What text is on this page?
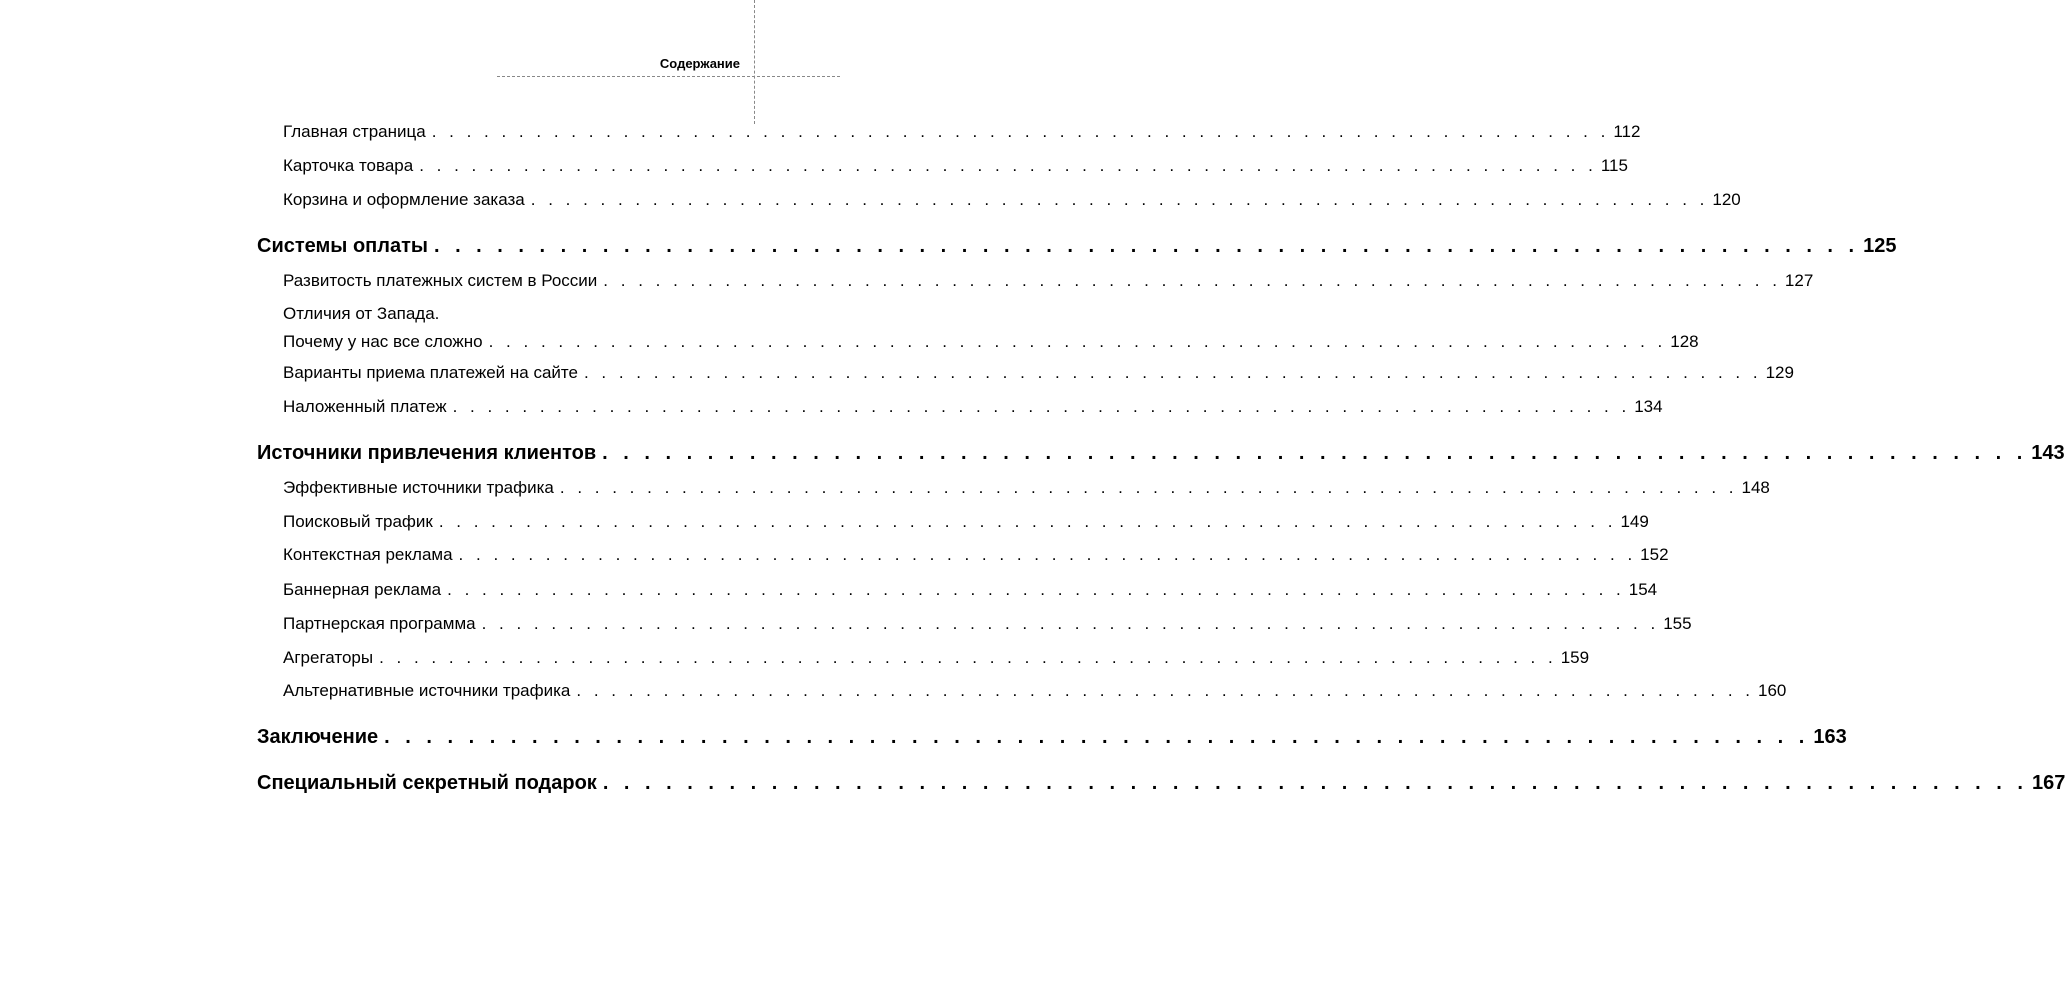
Содержание
Главная страница . . . . . . . . . . . . . . . . . . . . . . . . . . . . . . . . . . . . . . . . . . . . . . . . . . . . . . . . . . . . . . . . . . . . 112
Карточка товара . . . . . . . . . . . . . . . . . . . . . . . . . . . . . . . . . . . . . . . . . . . . . . . . . . . . . . . . . . . . . . . . . . . . 115
Корзина и оформление заказа . . . . . . . . . . . . . . . . . . . . . . . . . . . . . . . . . . . . . . . . . . . . . . . . . . . . . . . . . . . . . . . . . . . . 120
Системы оплаты . . . . . . . . . . . . . . . . . . . . . . . . . . . . . . . . . . . . . . . . . . . . . . . . . . . . . . . . . . . . . . . . . . . . 125
Развитость платежных систем в России . . . . . . . . . . . . . . . . . . . . . . . . . . . . . . . . . . . . . . . . . . . . . . . . . . . . . . . . . . . . . . . . . . . . 127
Отличия от Запада.
Почему у нас все сложно . . . . . . . . . . . . . . . . . . . . . . . . . . . . . . . . . . . . . . . . . . . . . . . . . . . . . . . . . . . . . . . . . . . . 128
Варианты приема платежей на сайте . . . . . . . . . . . . . . . . . . . . . . . . . . . . . . . . . . . . . . . . . . . . . . . . . . . . . . . . . . . . . . . . . . . . 129
Наложенный платеж . . . . . . . . . . . . . . . . . . . . . . . . . . . . . . . . . . . . . . . . . . . . . . . . . . . . . . . . . . . . . . . . . . . . 134
Источники привлечения клиентов . . . . . . . . . . . . . . . . . . . . . . . . . . . . . . . . . . . . . . . . . . . . . . . . . . . . . . . . . . . . . . . . . . . . 143
Эффективные источники трафика . . . . . . . . . . . . . . . . . . . . . . . . . . . . . . . . . . . . . . . . . . . . . . . . . . . . . . . . . . . . . . . . . . . . 148
Поисковый трафик . . . . . . . . . . . . . . . . . . . . . . . . . . . . . . . . . . . . . . . . . . . . . . . . . . . . . . . . . . . . . . . . . . . . 149
Контекстная реклама . . . . . . . . . . . . . . . . . . . . . . . . . . . . . . . . . . . . . . . . . . . . . . . . . . . . . . . . . . . . . . . . . . . . 152
Баннерная реклама . . . . . . . . . . . . . . . . . . . . . . . . . . . . . . . . . . . . . . . . . . . . . . . . . . . . . . . . . . . . . . . . . . . . 154
Партнерская программа . . . . . . . . . . . . . . . . . . . . . . . . . . . . . . . . . . . . . . . . . . . . . . . . . . . . . . . . . . . . . . . . . . . . 155
Агрегаторы . . . . . . . . . . . . . . . . . . . . . . . . . . . . . . . . . . . . . . . . . . . . . . . . . . . . . . . . . . . . . . . . . . . . 159
Альтернативные источники трафика . . . . . . . . . . . . . . . . . . . . . . . . . . . . . . . . . . . . . . . . . . . . . . . . . . . . . . . . . . . . . . . . . . . . 160
Заключение . . . . . . . . . . . . . . . . . . . . . . . . . . . . . . . . . . . . . . . . . . . . . . . . . . . . . . . . . . . . . . . . . . . . 163
Специальный секретный подарок . . . . . . . . . . . . . . . . . . . . . . . . . . . . . . . . . . . . . . . . . . . . . . . . . . . . . . . . . . . . . . . . . . . . 167
